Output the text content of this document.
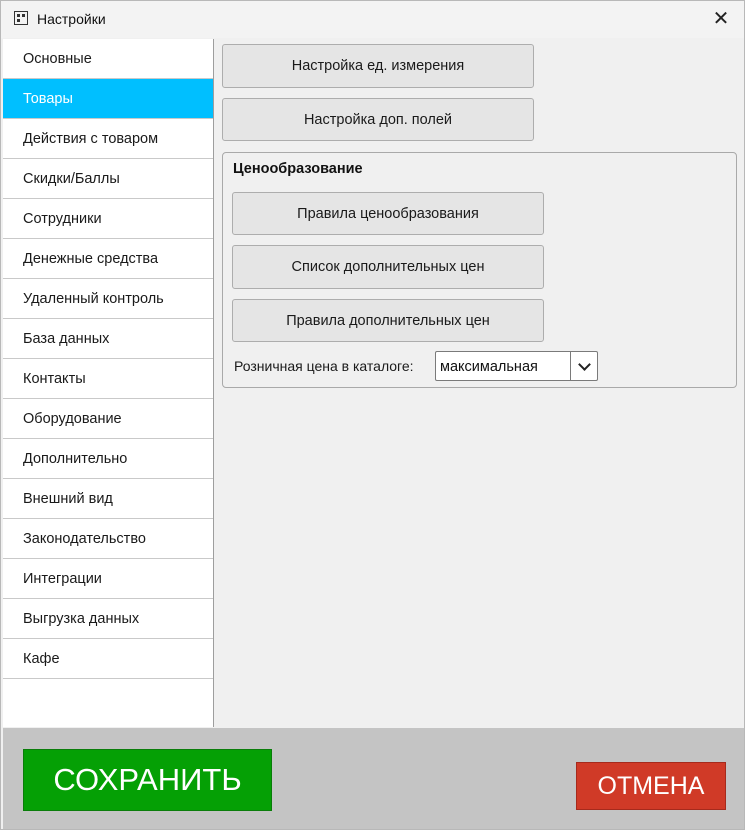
Настройки	✕
Основные
Товары
Действия с товаром
Скидки/Баллы
Сотрудники
Денежные средства
Удаленный контроль
База данных
Контакты
Оборудование
Дополнительно
Внешний вид
Законодательство
Интеграции
Выгрузка данных
Кафе
Настройка ед. измерения
Настройка доп. полей
Ценообразование
Правила ценообразования
Список дополнительных цен
Правила дополнительных цен
Розничная цена в каталоге: максимальная
СОХРАНИТЬ	ОТМЕНА
